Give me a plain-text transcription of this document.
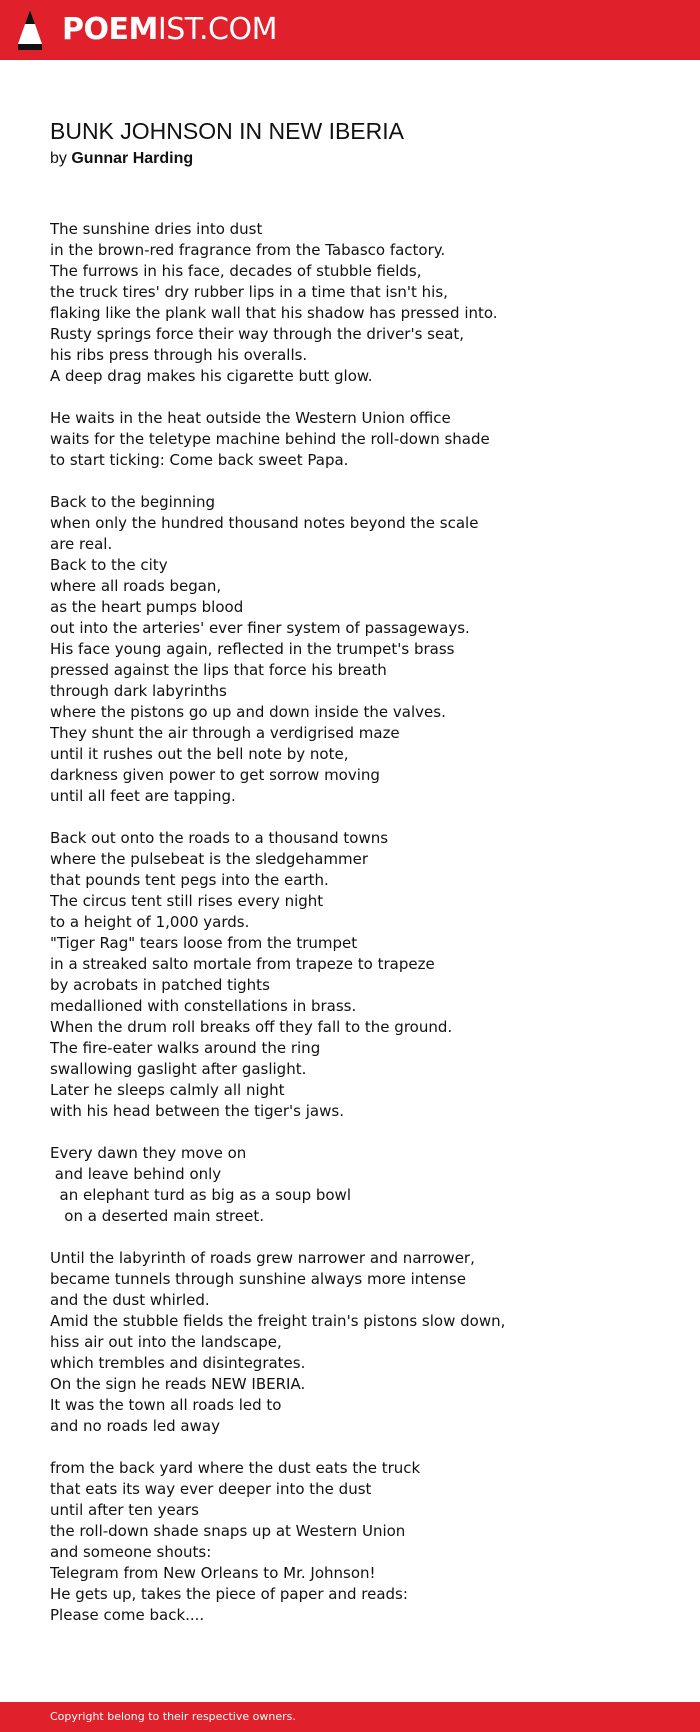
POEMIST.COM
BUNK JOHNSON IN NEW IBERIA
by Gunnar Harding
The sunshine dries into dust
in the brown-red fragrance from the Tabasco factory.
The furrows in his face, decades of stubble fields,
the truck tires' dry rubber lips in a time that isn't his,
flaking like the plank wall that his shadow has pressed into.
Rusty springs force their way through the driver's seat,
his ribs press through his overalls.
A deep drag makes his cigarette butt glow.
He waits in the heat outside the Western Union office
waits for the teletype machine behind the roll-down shade
to start ticking: Come back sweet Papa.
Back to the beginning
when only the hundred thousand notes beyond the scale
are real.
Back to the city
where all roads began,
as the heart pumps blood
out into the arteries' ever finer system of passageways.
His face young again, reflected in the trumpet's brass
pressed against the lips that force his breath
through dark labyrinths
where the pistons go up and down inside the valves.
They shunt the air through a verdigrised maze
until it rushes out the bell note by note,
darkness given power to get sorrow moving
until all feet are tapping.
Back out onto the roads to a thousand towns
where the pulsebeat is the sledgehammer
that pounds tent pegs into the earth.
The circus tent still rises every night
to a height of 1,000 yards.
"Tiger Rag" tears loose from the trumpet
in a streaked salto mortale from trapeze to trapeze
by acrobats in patched tights
medallioned with constellations in brass.
When the drum roll breaks off they fall to the ground.
The fire-eater walks around the ring
swallowing gaslight after gaslight.
Later he sleeps calmly all night
with his head between the tiger's jaws.
Every dawn they move on
and leave behind only
an elephant turd as big as a soup bowl
on a deserted main street.
Until the labyrinth of roads grew narrower and narrower,
became tunnels through sunshine always more intense
and the dust whirled.
Amid the stubble fields the freight train's pistons slow down,
hiss air out into the landscape,
which trembles and disintegrates.
On the sign he reads NEW IBERIA.
It was the town all roads led to
and no roads led away
from the back yard where the dust eats the truck
that eats its way ever deeper into the dust
until after ten years
the roll-down shade snaps up at Western Union
and someone shouts:
Telegram from New Orleans to Mr. Johnson!
He gets up, takes the piece of paper and reads:
Please come back....
Copyright belong to their respective owners.
